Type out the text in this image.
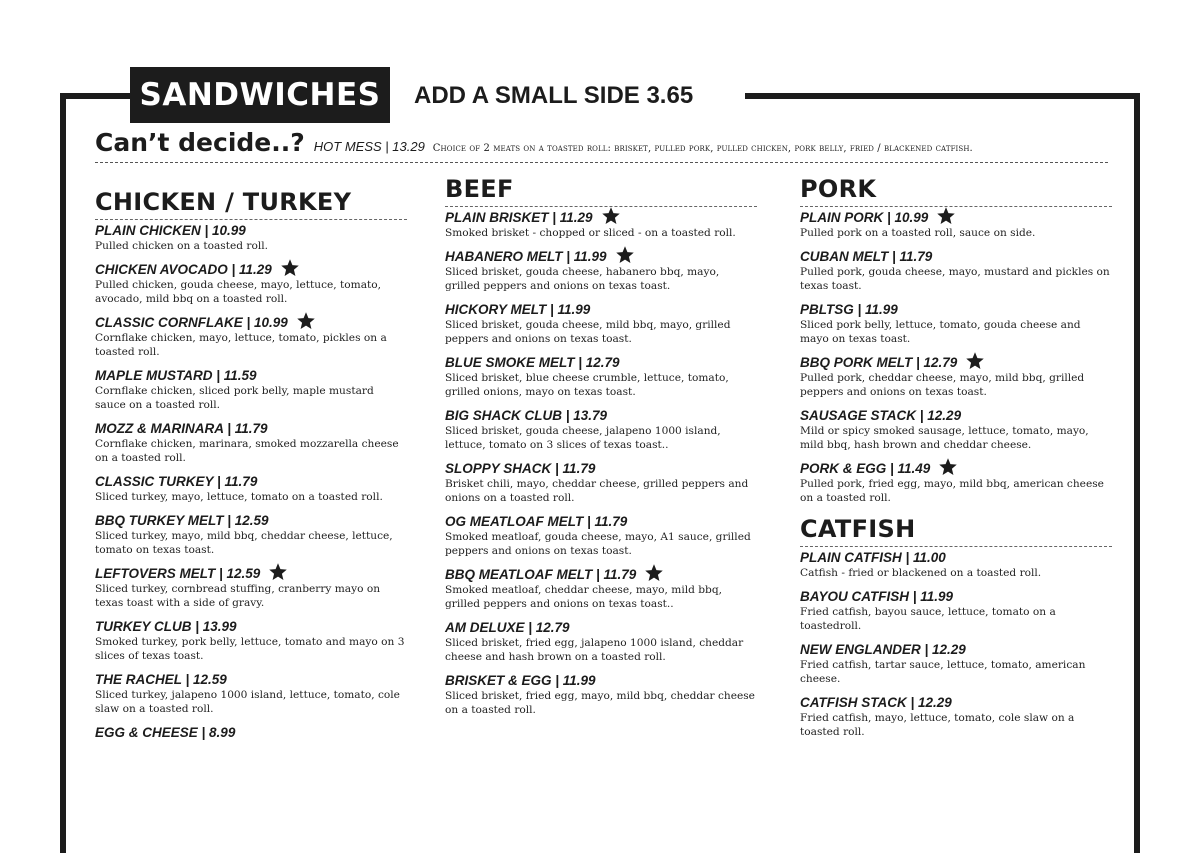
SANDWICHES ADD A SMALL SIDE 3.65
Can’t decide..? HOT MESS | 13.29 Choice of 2 meats on a toasted roll: brisket, pulled pork, pulled chicken, pork belly, fried / blackened catfish.
CHICKEN / TURKEY
PLAIN CHICKEN | 10.99
Pulled chicken on a toasted roll.
CHICKEN AVOCADO | 11.29
Pulled chicken, gouda cheese, mayo, lettuce, tomato, avocado, mild bbq on a toasted roll.
CLASSIC CORNFLAKE | 10.99
Cornflake chicken, mayo, lettuce, tomato, pickles on a toasted roll.
MAPLE MUSTARD | 11.59
Cornflake chicken, sliced pork belly, maple mustard sauce on a toasted roll.
MOZZ & MARINARA | 11.79
Cornflake chicken, marinara, smoked mozzarella cheese on a toasted roll.
CLASSIC TURKEY | 11.79
Sliced turkey, mayo, lettuce, tomato on a toasted roll.
BBQ TURKEY MELT | 12.59
Sliced turkey, mayo, mild bbq, cheddar cheese, lettuce, tomato on texas toast.
LEFTOVERS MELT | 12.59
Sliced turkey, cornbread stuffing, cranberry mayo on texas toast with a side of gravy.
TURKEY CLUB | 13.99
Smoked turkey, pork belly, lettuce, tomato and mayo on 3 slices of texas toast.
THE RACHEL | 12.59
Sliced turkey, jalapeno 1000 island, lettuce, tomato, cole slaw on a toasted roll.
EGG & CHEESE | 8.99
BEEF
PLAIN BRISKET | 11.29
Smoked brisket - chopped or sliced - on a toasted roll.
HABANERO MELT | 11.99
Sliced brisket, gouda cheese, habanero bbq, mayo, grilled peppers and onions on texas toast.
HICKORY MELT | 11.99
Sliced brisket, gouda cheese, mild bbq, mayo, grilled peppers and onions on texas toast.
BLUE SMOKE MELT | 12.79
Sliced brisket, blue cheese crumble, lettuce, tomato, grilled onions, mayo on texas toast.
BIG SHACK CLUB | 13.79
Sliced brisket, gouda cheese, jalapeno 1000 island, lettuce, tomato on 3 slices of texas toast..
SLOPPY SHACK | 11.79
Brisket chili, mayo, cheddar cheese, grilled peppers and onions on a toasted roll.
OG MEATLOAF MELT | 11.79
Smoked meatloaf, gouda cheese, mayo, A1 sauce, grilled peppers and onions on texas toast.
BBQ MEATLOAF MELT | 11.79
Smoked meatloaf, cheddar cheese, mayo, mild bbq, grilled peppers and onions on texas toast..
AM DELUXE | 12.79
Sliced brisket, fried egg, jalapeno 1000 island, cheddar cheese and hash brown on a toasted roll.
BRISKET & EGG | 11.99
Sliced brisket, fried egg, mayo, mild bbq, cheddar cheese on a toasted roll.
PORK
PLAIN PORK | 10.99
Pulled pork on a toasted roll, sauce on side.
CUBAN MELT | 11.79
Pulled pork, gouda cheese, mayo, mustard and pickles on texas toast.
PBLTSG | 11.99
Sliced pork belly, lettuce, tomato, gouda cheese and mayo on texas toast.
BBQ PORK MELT | 12.79
Pulled pork, cheddar cheese, mayo, mild bbq, grilled peppers and onions on texas toast.
SAUSAGE STACK | 12.29
Mild or spicy smoked sausage, lettuce, tomato, mayo, mild bbq, hash brown and cheddar cheese.
PORK & EGG | 11.49
Pulled pork, fried egg, mayo, mild bbq, american cheese on a toasted roll.
CATFISH
PLAIN CATFISH | 11.00
Catfish - fried or blackened on a toasted roll.
BAYOU CATFISH | 11.99
Fried catfish, bayou sauce, lettuce, tomato on a toastedroll.
NEW ENGLANDER | 12.29
Fried catfish, tartar sauce, lettuce, tomato, american cheese.
CATFISH STACK | 12.29
Fried catfish, mayo, lettuce, tomato, cole slaw on a toasted roll.
